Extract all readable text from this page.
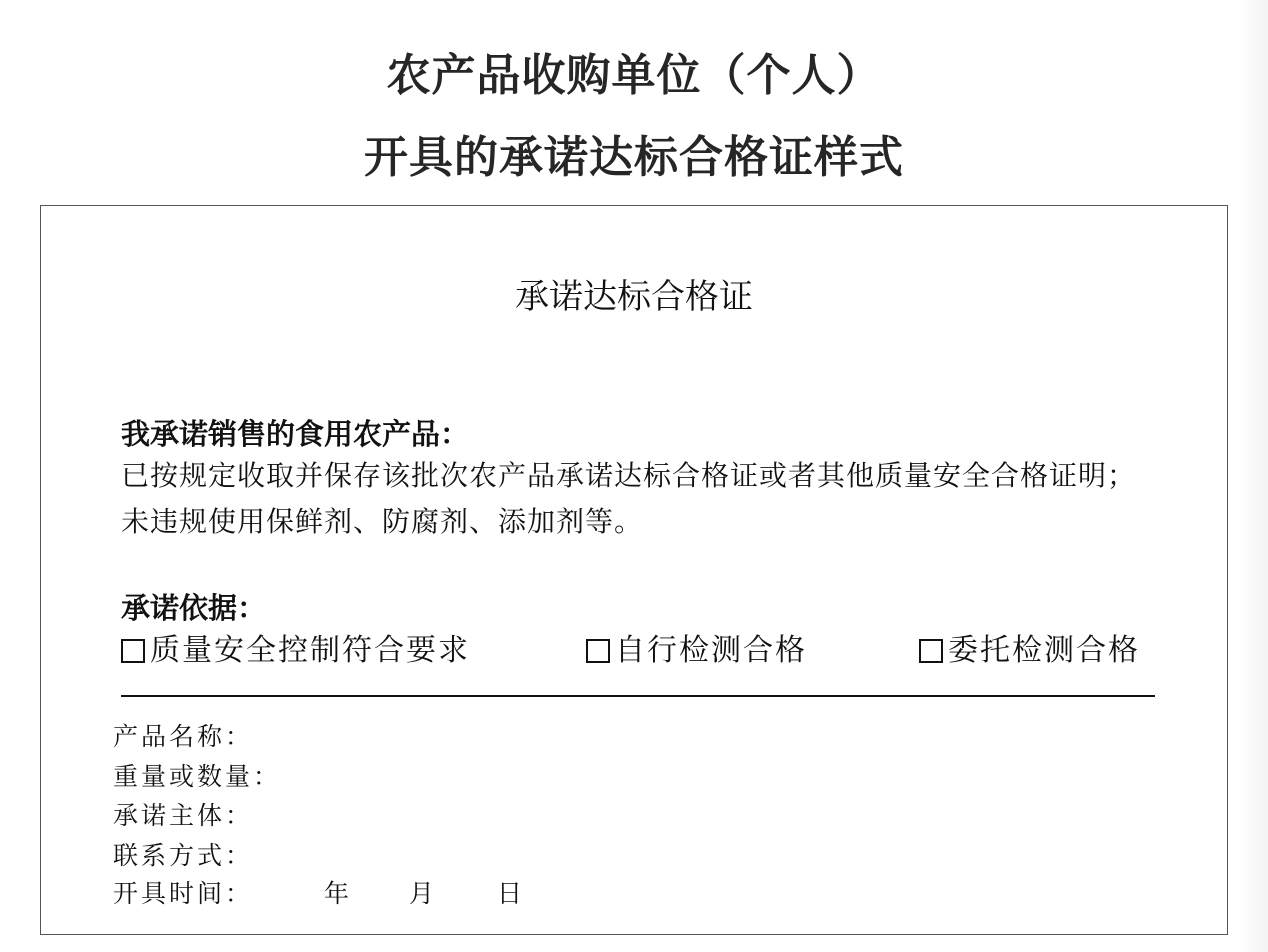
农产品收购单位（个人）
开具的承诺达标合格证样式
承诺达标合格证
我承诺销售的食用农产品：
已按规定收取并保存该批次农产品承诺达标合格证或者其他质量安全合格证明；
未违规使用保鲜剂、防腐剂、添加剂等。
承诺依据：
质量安全控制符合要求	自行检测合格	委托检测合格
产品名称：
重量或数量：
承诺主体：
联系方式：
开具时间：	年 月	日
